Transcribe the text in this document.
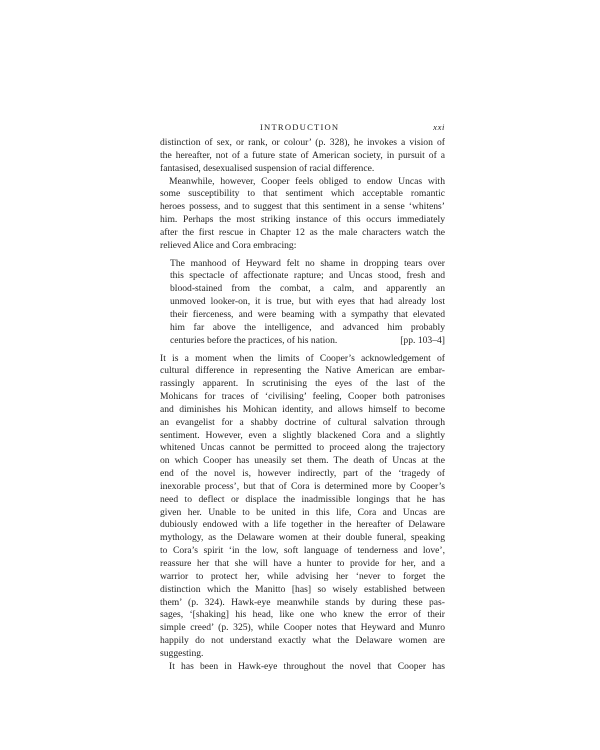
INTRODUCTION	xxi
distinction of sex, or rank, or colour’ (p. 328), he invokes a vision of
the hereafter, not of a future state of American society, in pursuit of a
fantasised, desexualised suspension of racial difference.
Meanwhile, however, Cooper feels obliged to endow Uncas with
some susceptibility to that sentiment which acceptable romantic
heroes possess, and to suggest that this sentiment in a sense ‘whitens’
him. Perhaps the most striking instance of this occurs immediately
after the first rescue in Chapter 12 as the male characters watch the
relieved Alice and Cora embracing:
The manhood of Heyward felt no shame in dropping tears over
this spectacle of affectionate rapture; and Uncas stood, fresh and
blood-stained from the combat, a calm, and apparently an
unmoved looker-on, it is true, but with eyes that had already lost
their fierceness, and were beaming with a sympathy that elevated
him far above the intelligence, and advanced him probably
centuries before the practices, of his nation.	[pp. 103–4]
It is a moment when the limits of Cooper’s acknowledgement of
cultural difference in representing the Native American are embar-
rassingly apparent. In scrutinising the eyes of the last of the
Mohicans for traces of ‘civilising’ feeling, Cooper both patronises
and diminishes his Mohican identity, and allows himself to become
an evangelist for a shabby doctrine of cultural salvation through
sentiment. However, even a slightly blackened Cora and a slightly
whitened Uncas cannot be permitted to proceed along the trajectory
on which Cooper has uneasily set them. The death of Uncas at the
end of the novel is, however indirectly, part of the ‘tragedy of
inexorable process’, but that of Cora is determined more by Cooper’s
need to deflect or displace the inadmissible longings that he has
given her. Unable to be united in this life, Cora and Uncas are
dubiously endowed with a life together in the hereafter of Delaware
mythology, as the Delaware women at their double funeral, speaking
to Cora’s spirit ‘in the low, soft language of tenderness and love’,
reassure her that she will have a hunter to provide for her, and a
warrior to protect her, while advising her ‘never to forget the
distinction which the Manitto [has] so wisely established between
them’ (p. 324). Hawk-eye meanwhile stands by during these pas-
sages, ‘[shaking] his head, like one who knew the error of their
simple creed’ (p. 325), while Cooper notes that Heyward and Munro
happily do not understand exactly what the Delaware women are
suggesting.
It has been in Hawk-eye throughout the novel that Cooper has
